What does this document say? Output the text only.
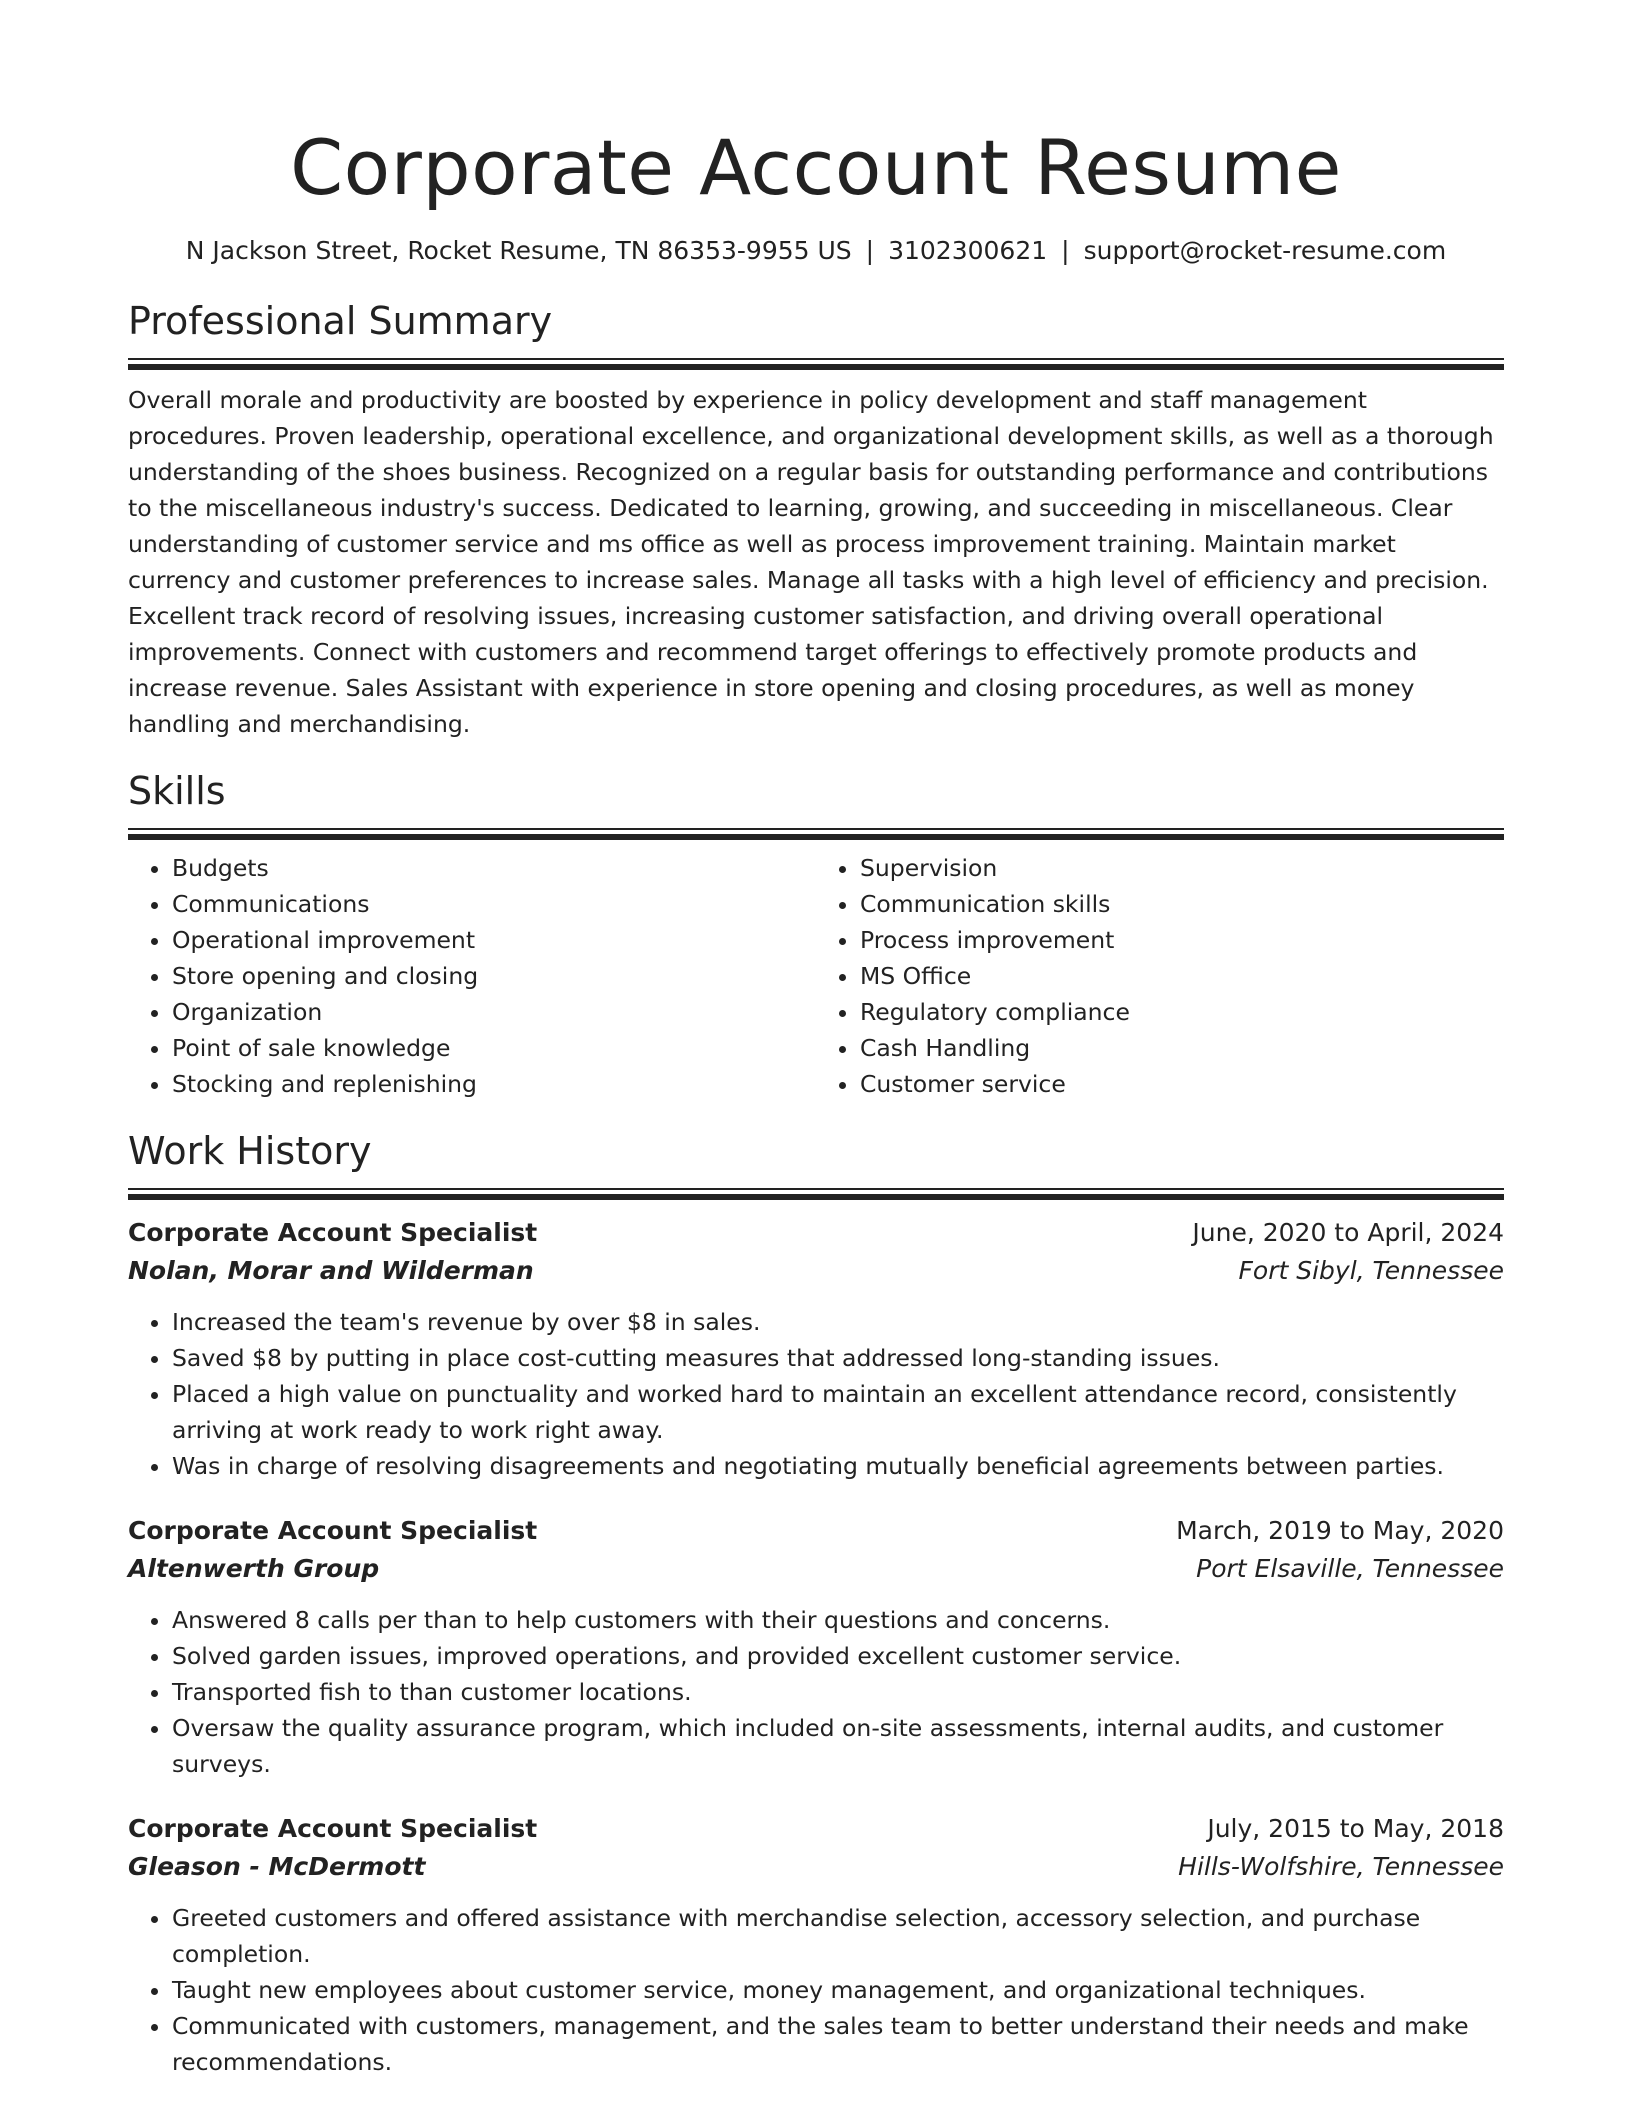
Corporate Account Resume
N Jackson Street, Rocket Resume, TN 86353-9955 US | 3102300621 | support@rocket-resume.com
Professional Summary

Overall morale and productivity are boosted by experience in policy development and staff management procedures. Proven leadership, operational excellence, and organizational development skills, as well as a thorough understanding of the shoes business. Recognized on a regular basis for outstanding performance and contributions to the miscellaneous industry's success. Dedicated to learning, growing, and succeeding in miscellaneous. Clear understanding of customer service and ms office as well as process improvement training. Maintain market currency and customer preferences to increase sales. Manage all tasks with a high level of efficiency and precision. Excellent track record of resolving issues, increasing customer satisfaction, and driving overall operational improvements. Connect with customers and recommend target offerings to effectively promote products and increase revenue. Sales Assistant with experience in store opening and closing procedures, as well as money handling and merchandising.

Skills
• Budgets
• Communications
• Operational improvement
• Store opening and closing
• Organization
• Point of sale knowledge
• Stocking and replenishing
• Supervision
• Communication skills
• Process improvement
• MS Office
• Regulatory compliance
• Cash Handling
• Customer service
Work History
Corporate Account Specialist	June, 2020 to April, 2024
Nolan, Morar and Wilderman	Fort Sibyl, Tennessee
• Increased the team's revenue by over $8 in sales.
• Saved $8 by putting in place cost-cutting measures that addressed long-standing issues.
• Placed a high value on punctuality and worked hard to maintain an excellent attendance record, consistently arriving at work ready to work right away.
• Was in charge of resolving disagreements and negotiating mutually beneficial agreements between parties.
Corporate Account Specialist	March, 2019 to May, 2020
Altenwerth Group	Port Elsaville, Tennessee
• Answered 8 calls per than to help customers with their questions and concerns.
• Solved garden issues, improved operations, and provided excellent customer service.
• Transported fish to than customer locations.
• Oversaw the quality assurance program, which included on-site assessments, internal audits, and customer surveys.
Corporate Account Specialist	July, 2015 to May, 2018
Gleason - McDermott	Hills-Wolfshire, Tennessee
• Greeted customers and offered assistance with merchandise selection, accessory selection, and purchase completion.
• Taught new employees about customer service, money management, and organizational techniques.
• Communicated with customers, management, and the sales team to better understand their needs and make recommendations.
